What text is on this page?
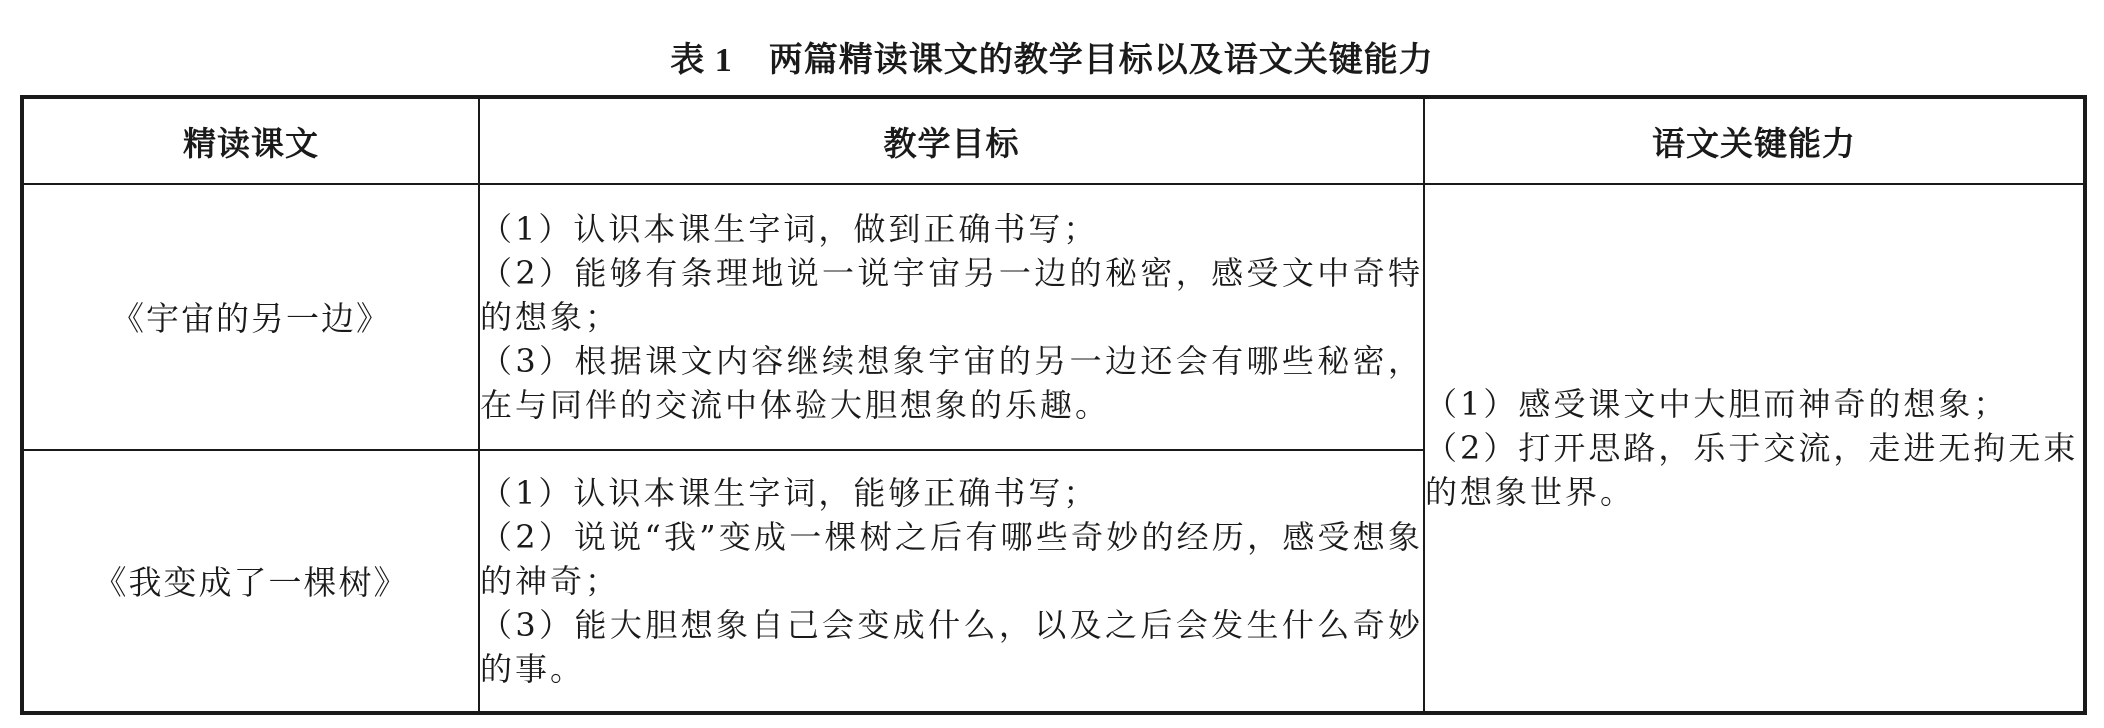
表 1 两篇精读课文的教学目标以及语文关键能力
精读课文	教学目标	语文关键能力
《宇宙的另一边》	（1）认识本课生字词，做到正确书写；
（2）能够有条理地说一说宇宙另一边的秘密，感受文中奇特的想象；
（3）根据课文内容继续想象宇宙的另一边还会有哪些秘密，在与同伴的交流中体验大胆想象的乐趣。	（1）感受课文中大胆而神奇的想象；
（2）打开思路，乐于交流，走进无拘无束的想象世界。

《我变成了一棵树》	（1）认识本课生字词，能够正确书写；
（2）说说“我”变成一棵树之后有哪些奇妙的经历，感受想象的神奇；
（3）能大胆想象自己会变成什么，以及之后会发生什么奇妙的事。	
